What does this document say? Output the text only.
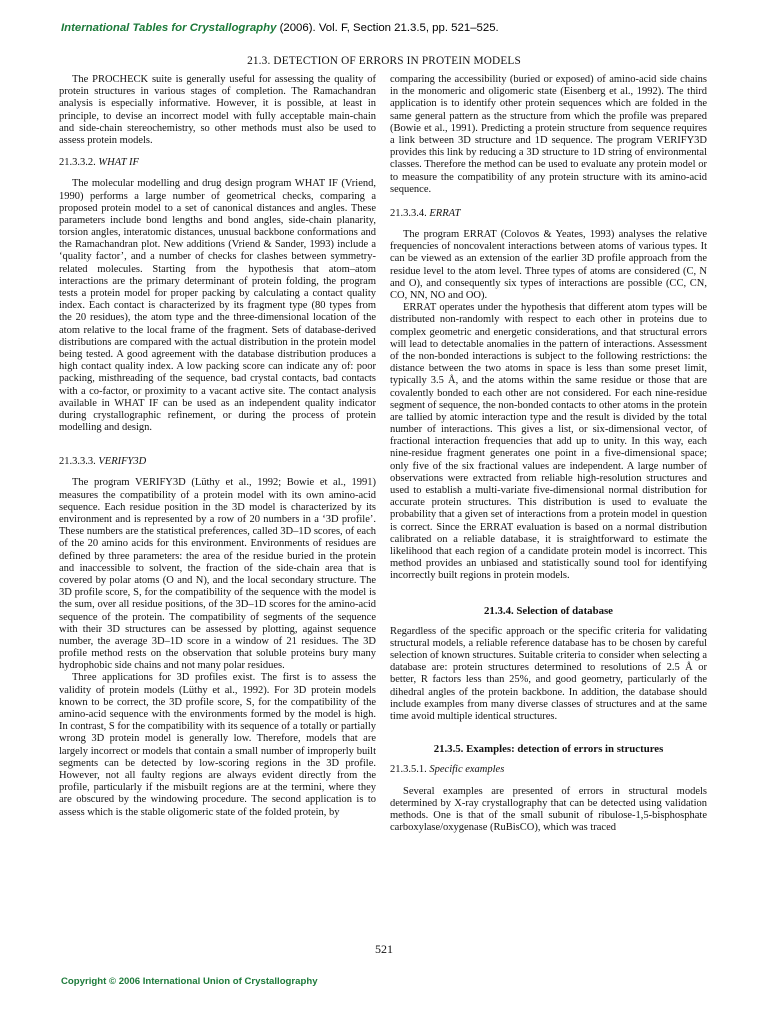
International Tables for Crystallography (2006). Vol. F, Section 21.3.5, pp. 521–525.
21.3. DETECTION OF ERRORS IN PROTEIN MODELS

The PROCHECK suite is generally useful for assessing the quality of protein structures in various stages of completion. The Ramachandran analysis is especially informative. However, it is possible, at least in principle, to devise an incorrect model with fully acceptable main-chain and side-chain stereochemistry, so other methods must also be used to assess protein models.

21.3.3.2. WHAT IF

The molecular modelling and drug design program WHAT IF (Vriend, 1990) performs a large number of geometrical checks, comparing a proposed protein model to a set of canonical distances and angles. These parameters include bond lengths and bond angles, side-chain planarity, torsion angles, interatomic distances, unusual backbone conformations and the Ramachandran plot. New additions (Vriend & Sander, 1993) include a ‘quality factor’, and a number of checks for clashes between symmetry-related molecules. Starting from the hypothesis that atom–atom interactions are the primary determinant of protein folding, the program tests a protein model for proper packing by calculating a contact quality index. Each contact is characterized by its fragment type (80 types from the 20 residues), the atom type and the three-dimensional location of the atom relative to the local frame of the fragment. Sets of database-derived distributions are compared with the actual distribution in the protein model being tested. A good agreement with the database distribution produces a high contact quality index. A low packing score can indicate any of: poor packing, misthreading of the sequence, bad crystal contacts, bad contacts with a co-factor, or proximity to a vacant active site. The contact analysis available in WHAT IF can be used as an independent quality indicator during crystallographic refinement, or during the process of protein modelling and design.

21.3.3.3. VERIFY3D

The program VERIFY3D (Lüthy et al., 1992; Bowie et al., 1991) measures the compatibility of a protein model with its own amino-acid sequence. Each residue position in the 3D model is characterized by its environment and is represented by a row of 20 numbers in a ‘3D profile’. These numbers are the statistical preferences, called 3D–1D scores, of each of the 20 amino acids for this environment. Environments of residues are defined by three parameters: the area of the residue buried in the protein and inaccessible to solvent, the fraction of the side-chain area that is covered by polar atoms (O and N), and the local secondary structure. The 3D profile score, S, for the compatibility of the sequence with the model is the sum, over all residue positions, of the 3D–1D scores for the amino-acid sequence of the protein. The compatibility of segments of the sequence with their 3D structures can be assessed by plotting, against sequence number, the average 3D–1D score in a window of 21 residues. The 3D profile method rests on the observation that soluble proteins bury many hydrophobic side chains and not many polar residues.

Three applications for 3D profiles exist. The first is to assess the validity of protein models (Lüthy et al., 1992). For 3D protein models known to be correct, the 3D profile score, S, for the compatibility of the amino-acid sequence with the environments formed by the model is high. In contrast, S for the compatibility with its sequence of a totally or partially wrong 3D protein model is generally low. Therefore, models that are largely incorrect or models that contain a small number of improperly built segments can be detected by low-scoring regions in the 3D profile. However, not all faulty regions are always evident directly from the profile, particularly if the misbuilt regions are at the termini, where they are obscured by the windowing procedure. The second application is to assess which is the stable oligomeric state of the folded protein, by

comparing the accessibility (buried or exposed) of amino-acid side chains in the monomeric and oligomeric state (Eisenberg et al., 1992). The third application is to identify other protein sequences which are folded in the same general pattern as the structure from which the profile was prepared (Bowie et al., 1991). Predicting a protein structure from sequence requires a link between 3D structure and 1D sequence. The program VERIFY3D provides this link by reducing a 3D structure to 1D string of environmental classes. Therefore the method can be used to evaluate any protein model or to measure the compatibility of any protein structure with its amino-acid sequence.

21.3.3.4. ERRAT

The program ERRAT (Colovos & Yeates, 1993) analyses the relative frequencies of noncovalent interactions between atoms of various types. It can be viewed as an extension of the earlier 3D profile approach from the residue level to the atom level. Three types of atoms are considered (C, N and O), and consequently six types of interactions are possible (CC, CN, CO, NN, NO and OO).

ERRAT operates under the hypothesis that different atom types will be distributed non-randomly with respect to each other in proteins due to complex geometric and energetic considerations, and that structural errors will lead to detectable anomalies in the pattern of interactions. Assessment of the non-bonded interactions is subject to the following restrictions: the distance between the two atoms in space is less than some preset limit, typically 3.5 Å, and the atoms within the same residue or those that are covalently bonded to each other are not considered. For each nine-residue segment of sequence, the non-bonded contacts to other atoms in the protein are tallied by atomic interaction type and the result is divided by the total number of interactions. This gives a list, or six-dimensional vector, of fractional interaction frequencies that add up to unity. In this way, each nine-residue fragment generates one point in a five-dimensional space; only five of the six fractional values are independent. A large number of observations were extracted from reliable high-resolution structures and used to establish a multi-variate five-dimensional normal distribution for accurate protein structures. This distribution is used to evaluate the probability that a given set of interactions from a protein model in question is correct. Since the ERRAT evaluation is based on a normal distribution calibrated on a reliable database, it is straightforward to estimate the likelihood that each region of a candidate protein model is incorrect. This method provides an unbiased and statistically sound tool for identifying incorrectly built regions in protein models.

21.3.4. Selection of database

Regardless of the specific approach or the specific criteria for validating structural models, a reliable reference database has to be chosen by careful selection of known structures. Suitable criteria to consider when selecting a database are: protein structures determined to resolutions of 2.5 Å or better, R factors less than 25%, and good geometry, particularly of the dihedral angles of the protein backbone. In addition, the database should include examples from many diverse classes of structures and at the same time avoid multiple identical structures.

21.3.5. Examples: detection of errors in structures
21.3.5.1. Specific examples

Several examples are presented of errors in structural models determined by X-ray crystallography that can be detected using validation methods. One is that of the small subunit of ribulose-1,5-bisphosphate carboxylase/oxygenase (RuBisCO), which was traced

521
Copyright © 2006 International Union of Crystallography
